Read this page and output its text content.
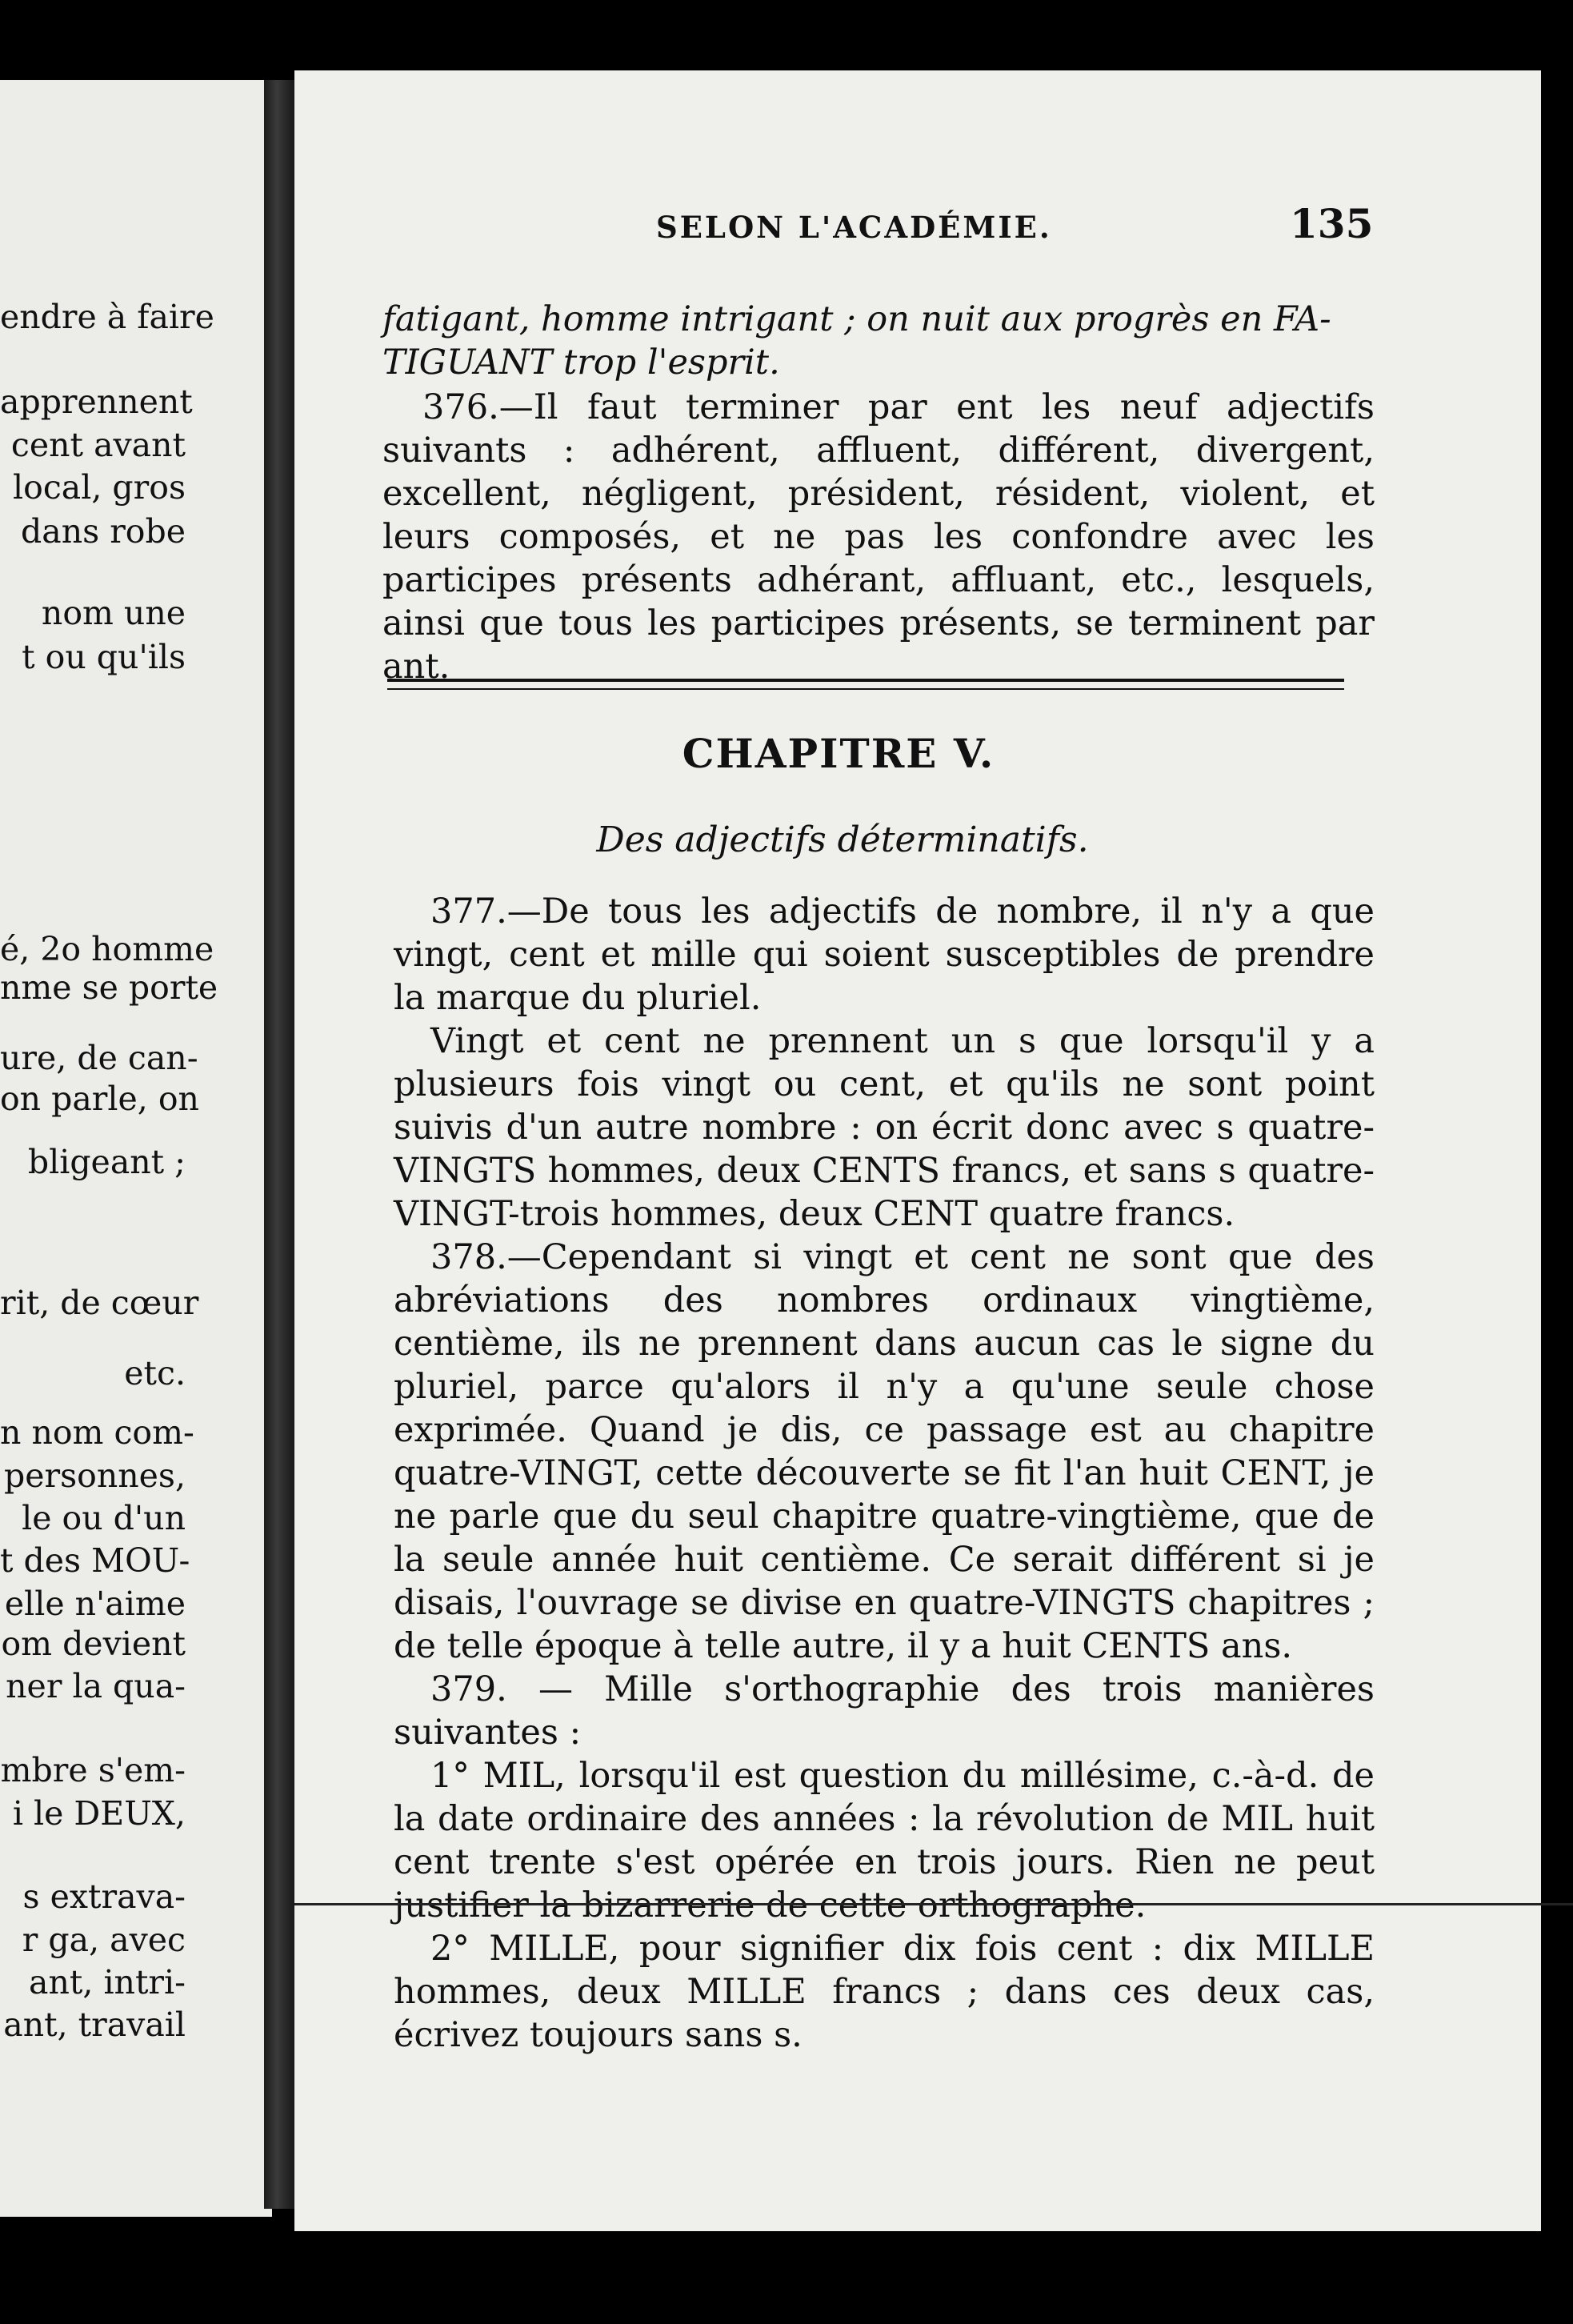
endre à faire
apprennent
cent avant
local, gros
dans robe
nom une
t ou qu'ils
é, 2o homme
nme se porte
ure, de can-
on parle, on
bligeant ;
rit, de cœur
etc.
n nom com-
personnes,
le ou d'un
t des MOU-
elle n'aime
om devient
ner la qua-
mbre s'em-
i le DEUX,
s extrava-
r ga, avec
ant, intri-
ant, travail
SELON L'ACADÉMIE.	135

fatigant, homme intrigant ; on nuit aux progrès en FA-

TIGUANT trop l'esprit.

376.—Il faut terminer par ent les neuf adjectifs suivants : adhérent, affluent, différent, divergent, excellent, négligent, président, résident, violent, et leurs composés, et ne pas les confondre avec les participes présents adhérant, affluant, etc., lesquels, ainsi que tous les participes présents, se terminent par ant.

CHAPITRE V.
Des adjectifs déterminatifs.

377.—De tous les adjectifs de nombre, il n'y a que vingt, cent et mille qui soient susceptibles de prendre la marque du pluriel.

Vingt et cent ne prennent un s que lorsqu'il y a plusieurs fois vingt ou cent, et qu'ils ne sont point suivis d'un autre nombre : on écrit donc avec s quatre-VINGTS hommes, deux CENTS francs, et sans s quatre-VINGT-trois hommes, deux CENT quatre francs.

378.—Cependant si vingt et cent ne sont que des abréviations des nombres ordinaux vingtième, centième, ils ne prennent dans aucun cas le signe du pluriel, parce qu'alors il n'y a qu'une seule chose exprimée. Quand je dis, ce passage est au chapitre quatre-VINGT, cette découverte se fit l'an huit CENT, je ne parle que du seul chapitre quatre-vingtième, que de la seule année huit centième. Ce serait différent si je disais, l'ouvrage se divise en quatre-VINGTS chapitres ; de telle époque à telle autre, il y a huit CENTS ans.

379. — Mille s'orthographie des trois manières suivantes :

1° MIL, lorsqu'il est question du millésime, c.-à-d. de la date ordinaire des années : la révolution de MIL huit cent trente s'est opérée en trois jours. Rien ne peut justifier la bizarrerie de cette orthographe.

2° MILLE, pour signifier dix fois cent : dix MILLE hommes, deux MILLE francs ; dans ces deux cas, écrivez toujours sans s.
